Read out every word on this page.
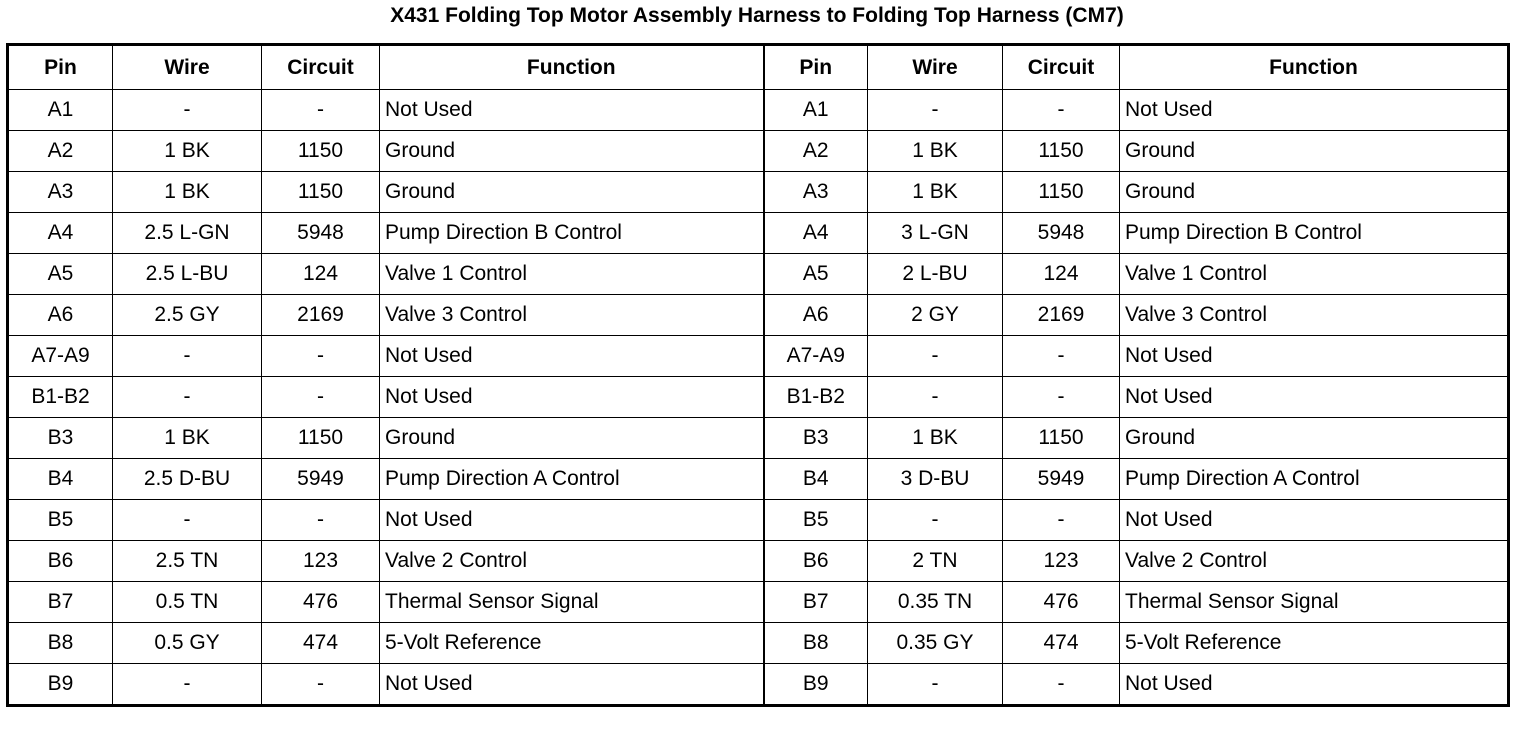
X431 Folding Top Motor Assembly Harness to Folding Top Harness (CM7)
Pin	Wire	Circuit	Function	Pin	Wire	Circuit	Function
A1	-	-	Not Used	A1	-	-	Not Used
A2	1 BK	1150	Ground	A2	1 BK	1150	Ground
A3	1 BK	1150	Ground	A3	1 BK	1150	Ground
A4	2.5 L-GN	5948	Pump Direction B Control	A4	3 L-GN	5948	Pump Direction B Control
A5	2.5 L-BU	124	Valve 1 Control	A5	2 L-BU	124	Valve 1 Control
A6	2.5 GY	2169	Valve 3 Control	A6	2 GY	2169	Valve 3 Control
A7-A9	-	-	Not Used	A7-A9	-	-	Not Used
B1-B2	-	-	Not Used	B1-B2	-	-	Not Used
B3	1 BK	1150	Ground	B3	1 BK	1150	Ground
B4	2.5 D-BU	5949	Pump Direction A Control	B4	3 D-BU	5949	Pump Direction A Control
B5	-	-	Not Used	B5	-	-	Not Used
B6	2.5 TN	123	Valve 2 Control	B6	2 TN	123	Valve 2 Control
B7	0.5 TN	476	Thermal Sensor Signal	B7	0.35 TN	476	Thermal Sensor Signal
B8	0.5 GY	474	5-Volt Reference	B8	0.35 GY	474	5-Volt Reference
B9	-	-	Not Used	B9	-	-	Not Used
